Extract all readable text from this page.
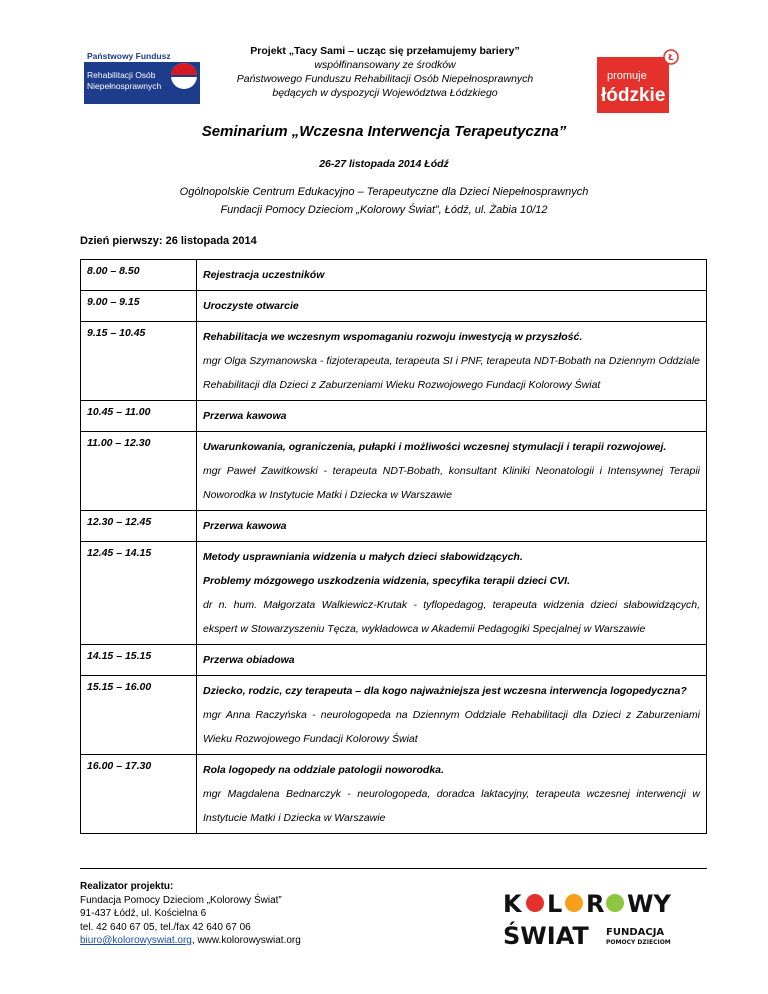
Państwowy Fundusz
Rehabilitacji Osób
Niepełnosprawnych
Projekt „Tacy Sami – ucząc się przełamujemy bariery”
współfinansowany ze środków
Państwowego Funduszu Rehabilitacji Osób Niepełnosprawnych
będących w dyspozycji Województwa Łódzkiego
Ł
promuje
łódzkie
Seminarium „Wczesna Interwencja Terapeutyczna”
26-27 listopada 2014 Łódź
Ogólnopolskie Centrum Edukacyjno – Terapeutyczne dla Dzieci Niepełnosprawnych
Fundacji Pomocy Dzieciom „Kolorowy Świat”, Łódź, ul. Żabia 10/12
Dzień pierwszy: 26 listopada 2014
8.00 – 8.50	Rejestracja uczestników

9.00 – 9.15	Uroczyste otwarcie

9.15 – 10.45	Rehabilitacja we wczesnym wspomaganiu rozwoju inwestycją w przyszłość.
mgr Olga Szymanowska - fizjoterapeuta, terapeuta SI i PNF, terapeuta NDT-Bobath na Dziennym Oddziale Rehabilitacji dla Dzieci z Zaburzeniami Wieku Rozwojowego Fundacji Kolorowy Świat

10.45 – 11.00	Przerwa kawowa

11.00 – 12.30	Uwarunkowania, ograniczenia, pułapki i możliwości wczesnej stymulacji i terapii rozwojowej.
mgr Paweł Zawitkowski - terapeuta NDT-Bobath, konsultant Kliniki Neonatologii i Intensywnej Terapii Noworodka w Instytucie Matki i Dziecka w Warszawie

12.30 – 12.45	Przerwa kawowa

12.45 – 14.15	Metody usprawniania widzenia u małych dzieci słabowidzących.
Problemy mózgowego uszkodzenia widzenia, specyfika terapii dzieci CVI.
dr n. hum. Małgorzata Walkiewicz-Krutak - tyflopedagog, terapeuta widzenia dzieci słabowidzących, ekspert w Stowarzyszeniu Tęcza, wykładowca w Akademii Pedagogiki Specjalnej w Warszawie

14.15 – 15.15	Przerwa obiadowa

15.15 – 16.00	Dziecko, rodzic, czy terapeuta – dla kogo najważniejsza jest wczesna interwencja logopedyczna?
mgr Anna Raczyńska - neurologopeda na Dziennym Oddziale Rehabilitacji dla Dzieci z Zaburzeniami Wieku Rozwojowego Fundacji Kolorowy Świat

16.00 – 17.30	Rola logopedy na oddziale patologii noworodka.
mgr Magdalena Bednarczyk - neurologopeda, doradca laktacyjny, terapeuta wczesnej interwencji w Instytucie Matki i Dziecka w Warszawie
Realizator projektu:
Fundacja Pomocy Dzieciom „Kolorowy Świat”
91-437 Łódź, ul. Kościelna 6
tel. 42 640 67 05, tel./fax 42 640 67 06
biuro@kolorowyswiat.org, www.kolorowyswiat.org
K L R WY
ŚWIAT FUNDACJA
POMOCY DZIECIOM
